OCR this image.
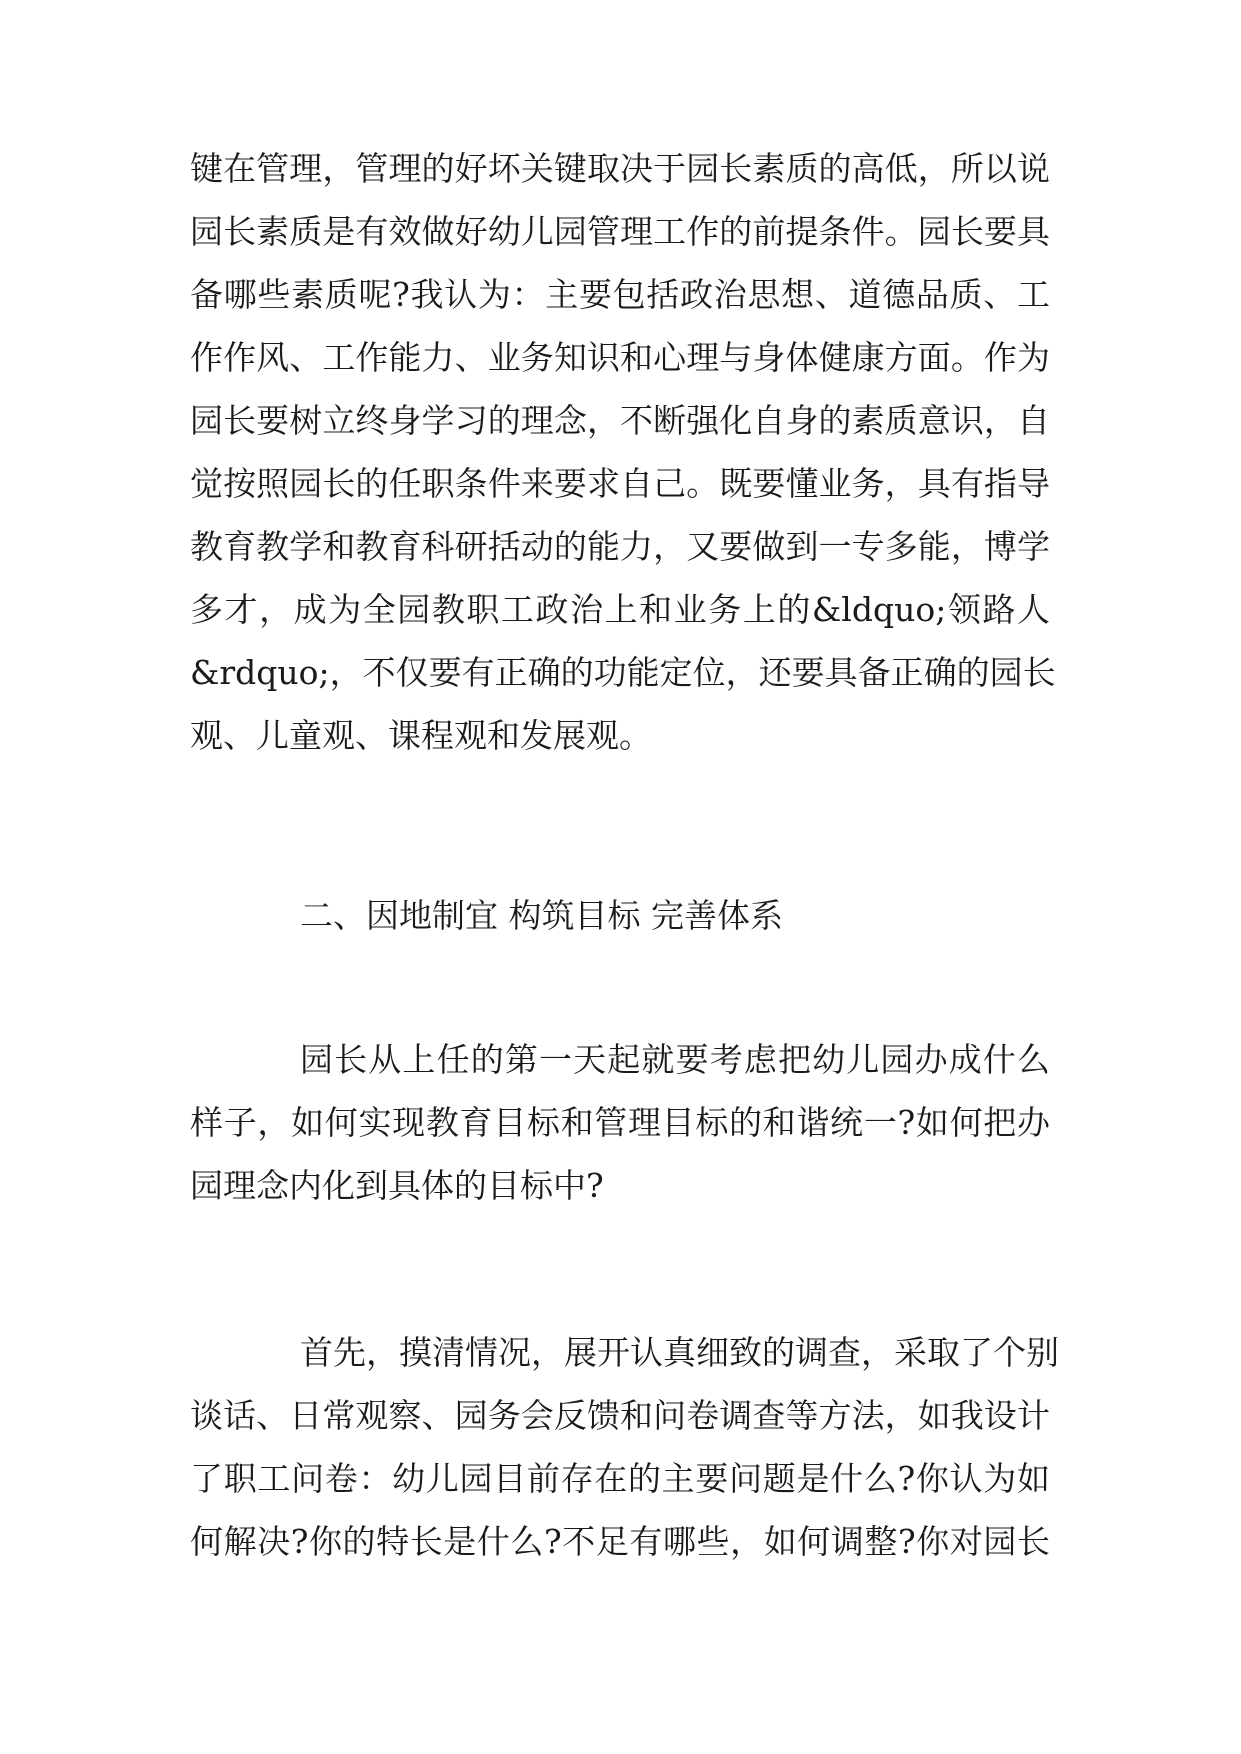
键在管理，管理的好坏关键取决于园长素质的高低，所以说
园长素质是有效做好幼儿园管理工作的前提条件。园长要具
备哪些素质呢?我认为：主要包括政治思想、道德品质、工
作作风、工作能力、业务知识和心理与身体健康方面。作为
园长要树立终身学习的理念，不断强化自身的素质意识，自
觉按照园长的任职条件来要求自己。既要懂业务，具有指导
教育教学和教育科研括动的能力，又要做到一专多能，博学
多才，成为全园教职工政治上和业务上的&ldquo;领路人
&rdquo;，不仅要有正确的功能定位，还要具备正确的园长
观、儿童观、课程观和发展观。
二、因地制宜 构筑目标 完善体系
园长从上任的第一天起就要考虑把幼儿园办成什么
样子，如何实现教育目标和管理目标的和谐统一?如何把办
园理念内化到具体的目标中?
首先，摸清情况，展开认真细致的调查，采取了个别
谈话、日常观察、园务会反馈和问卷调查等方法，如我设计
了职工问卷：幼儿园目前存在的主要问题是什么?你认为如
何解决?你的特长是什么?不足有哪些，如何调整?你对园长
